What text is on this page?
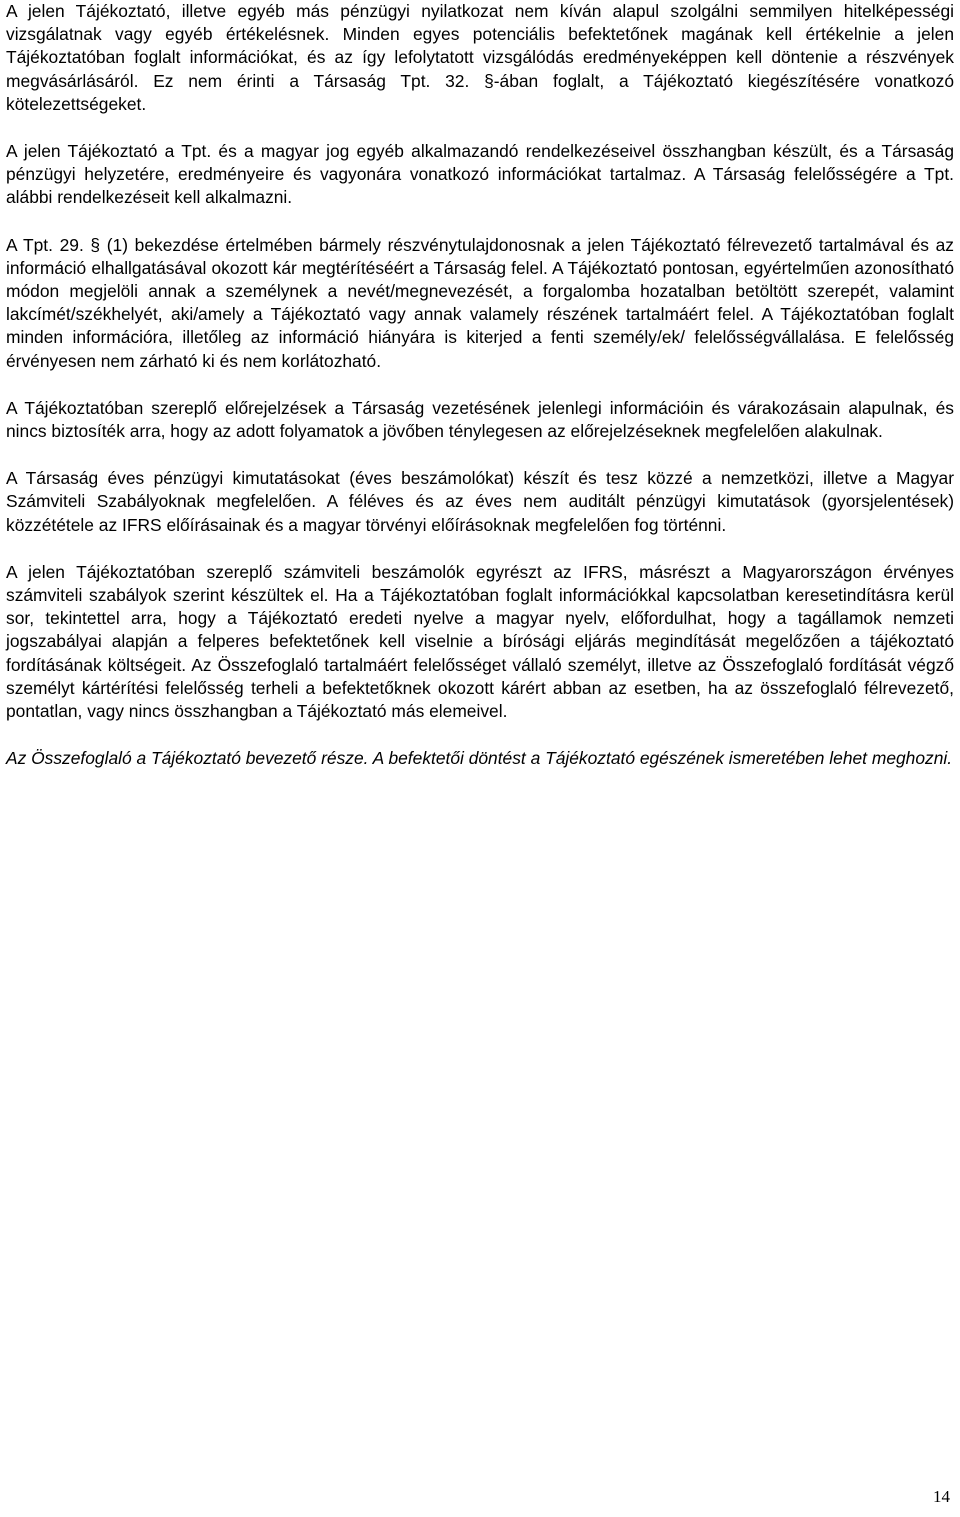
A jelen Tájékoztató, illetve egyéb más pénzügyi nyilatkozat nem kíván alapul szolgálni semmilyen hitelképességi vizsgálatnak vagy egyéb értékelésnek. Minden egyes potenciális befektetőnek magának kell értékelnie a jelen Tájékoztatóban foglalt információkat, és az így lefolytatott vizsgálódás eredményeképpen kell döntenie a részvények megvásárlásáról. Ez nem érinti a Társaság Tpt. 32. §-ában foglalt, a Tájékoztató kiegészítésére vonatkozó kötelezettségeket.

A jelen Tájékoztató a Tpt. és a magyar jog egyéb alkalmazandó rendelkezéseivel összhangban készült, és a Társaság pénzügyi helyzetére, eredményeire és vagyonára vonatkozó információkat tartalmaz. A Társaság felelősségére a Tpt. alábbi rendelkezéseit kell alkalmazni.

A Tpt. 29. § (1) bekezdése értelmében bármely részvénytulajdonosnak a jelen Tájékoztató félrevezető tartalmával és az információ elhallgatásával okozott kár megtérítéséért a Társaság felel. A Tájékoztató pontosan, egyértelműen azonosítható módon megjelöli annak a személynek a nevét/megnevezését, a forgalomba hozatalban betöltött szerepét, valamint lakcímét/székhelyét, aki/amely a Tájékoztató vagy annak valamely részének tartalmáért felel. A Tájékoztatóban foglalt minden információra, illetőleg az információ hiányára is kiterjed a fenti személy/ek/ felelősségvállalása. E felelősség érvényesen nem zárható ki és nem korlátozható.

A Tájékoztatóban szereplő előrejelzések a Társaság vezetésének jelenlegi információin és várakozásain alapulnak, és nincs biztosíték arra, hogy az adott folyamatok a jövőben ténylegesen az előrejelzéseknek megfelelően alakulnak.

A Társaság éves pénzügyi kimutatásokat (éves beszámolókat) készít és tesz közzé a nemzetközi, illetve a Magyar Számviteli Szabályoknak megfelelően. A féléves és az éves nem auditált pénzügyi kimutatások (gyorsjelentések) közzététele az IFRS előírásainak és a magyar törvényi előírásoknak megfelelően fog történni.

A jelen Tájékoztatóban szereplő számviteli beszámolók egyrészt az IFRS, másrészt a Magyarországon érvényes számviteli szabályok szerint készültek el. Ha a Tájékoztatóban foglalt információkkal kapcsolatban keresetindításra kerül sor, tekintettel arra, hogy a Tájékoztató eredeti nyelve a magyar nyelv, előfordulhat, hogy a tagállamok nemzeti jogszabályai alapján a felperes befektetőnek kell viselnie a bírósági eljárás megindítását megelőzően a tájékoztató fordításának költségeit. Az Összefoglaló tartalmáért felelősséget vállaló személyt, illetve az Összefoglaló fordítását végző személyt kártérítési felelősség terheli a befektetőknek okozott kárért abban az esetben, ha az összefoglaló félrevezető, pontatlan, vagy nincs összhangban a Tájékoztató más elemeivel.

Az Összefoglaló a Tájékoztató bevezető része. A befektetői döntést a Tájékoztató egészének ismeretében lehet meghozni.

14
